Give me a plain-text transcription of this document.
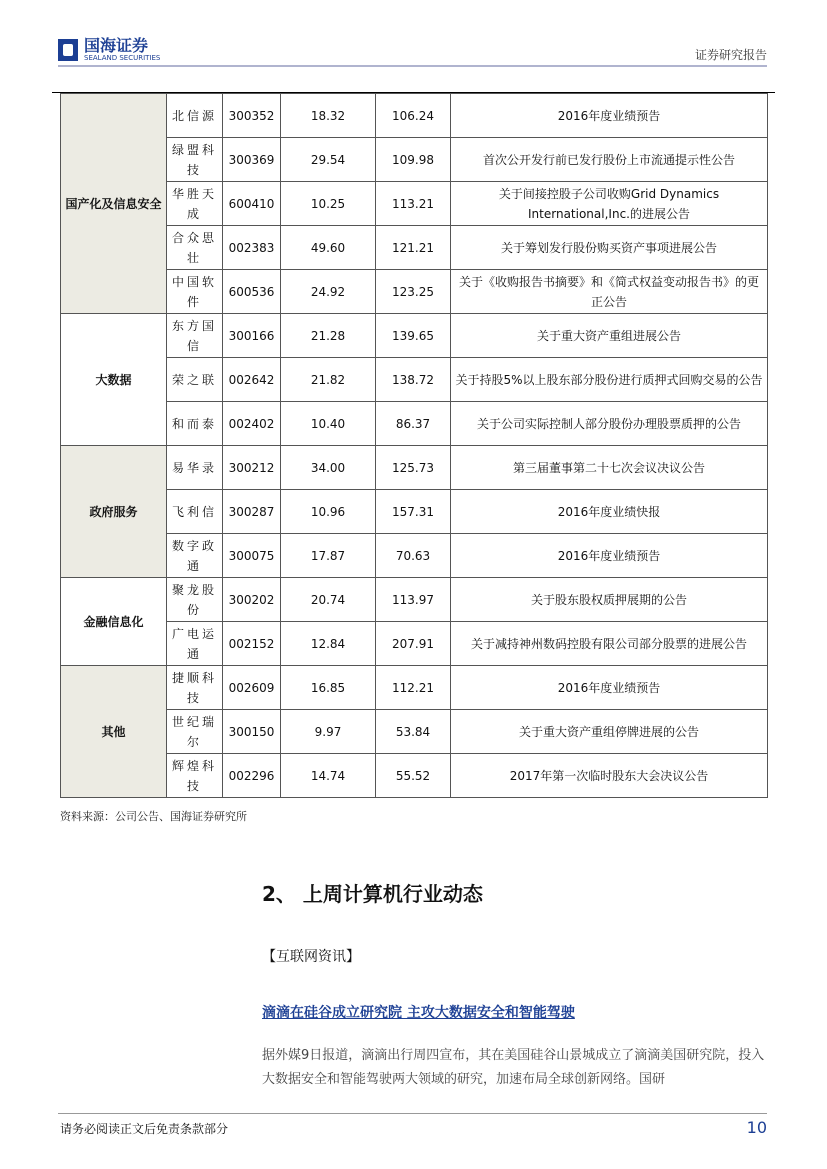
国海证券
SEALAND SECURITIES	证券研究报告
国产化及信息安全	北信源	300352	18.32	106.24	2016年度业绩预告
	绿盟科技	300369	29.54	109.98	首次公开发行前已发行股份上市流通提示性公告
	华胜天成	600410	10.25	113.21	关于间接控股子公司收购Grid Dynamics International,Inc.的进展公告
	合众思壮	002383	49.60	121.21	关于筹划发行股份购买资产事项进展公告
	中国软件	600536	24.92	123.25	关于《收购报告书摘要》和《简式权益变动报告书》的更正公告
大数据	东方国信	300166	21.28	139.65	关于重大资产重组进展公告
	荣之联	002642	21.82	138.72	关于持股5%以上股东部分股份进行质押式回购交易的公告
	和而泰	002402	10.40	86.37	关于公司实际控制人部分股份办理股票质押的公告
政府服务	易华录	300212	34.00	125.73	第三届董事第二十七次会议决议公告
	飞利信	300287	10.96	157.31	2016年度业绩快报
	数字政通	300075	17.87	70.63	2016年度业绩预告
金融信息化	聚龙股份	300202	20.74	113.97	关于股东股权质押展期的公告
	广电运通	002152	12.84	207.91	关于减持神州数码控股有限公司部分股票的进展公告
其他	捷顺科技	002609	16.85	112.21	2016年度业绩预告
	世纪瑞尔	300150	9.97	53.84	关于重大资产重组停牌进展的公告
	辉煌科技	002296	14.74	55.52	2017年第一次临时股东大会决议公告
资料来源：公司公告、国海证券研究所
2、 上周计算机行业动态
【互联网资讯】
滴滴在硅谷成立研究院 主攻大数据安全和智能驾驶
据外媒9日报道，滴滴出行周四宣布，其在美国硅谷山景城成立了滴滴美国研究院，投入大数据安全和智能驾驶两大领域的研究，加速布局全球创新网络。国研
请务必阅读正文后免责条款部分	10
